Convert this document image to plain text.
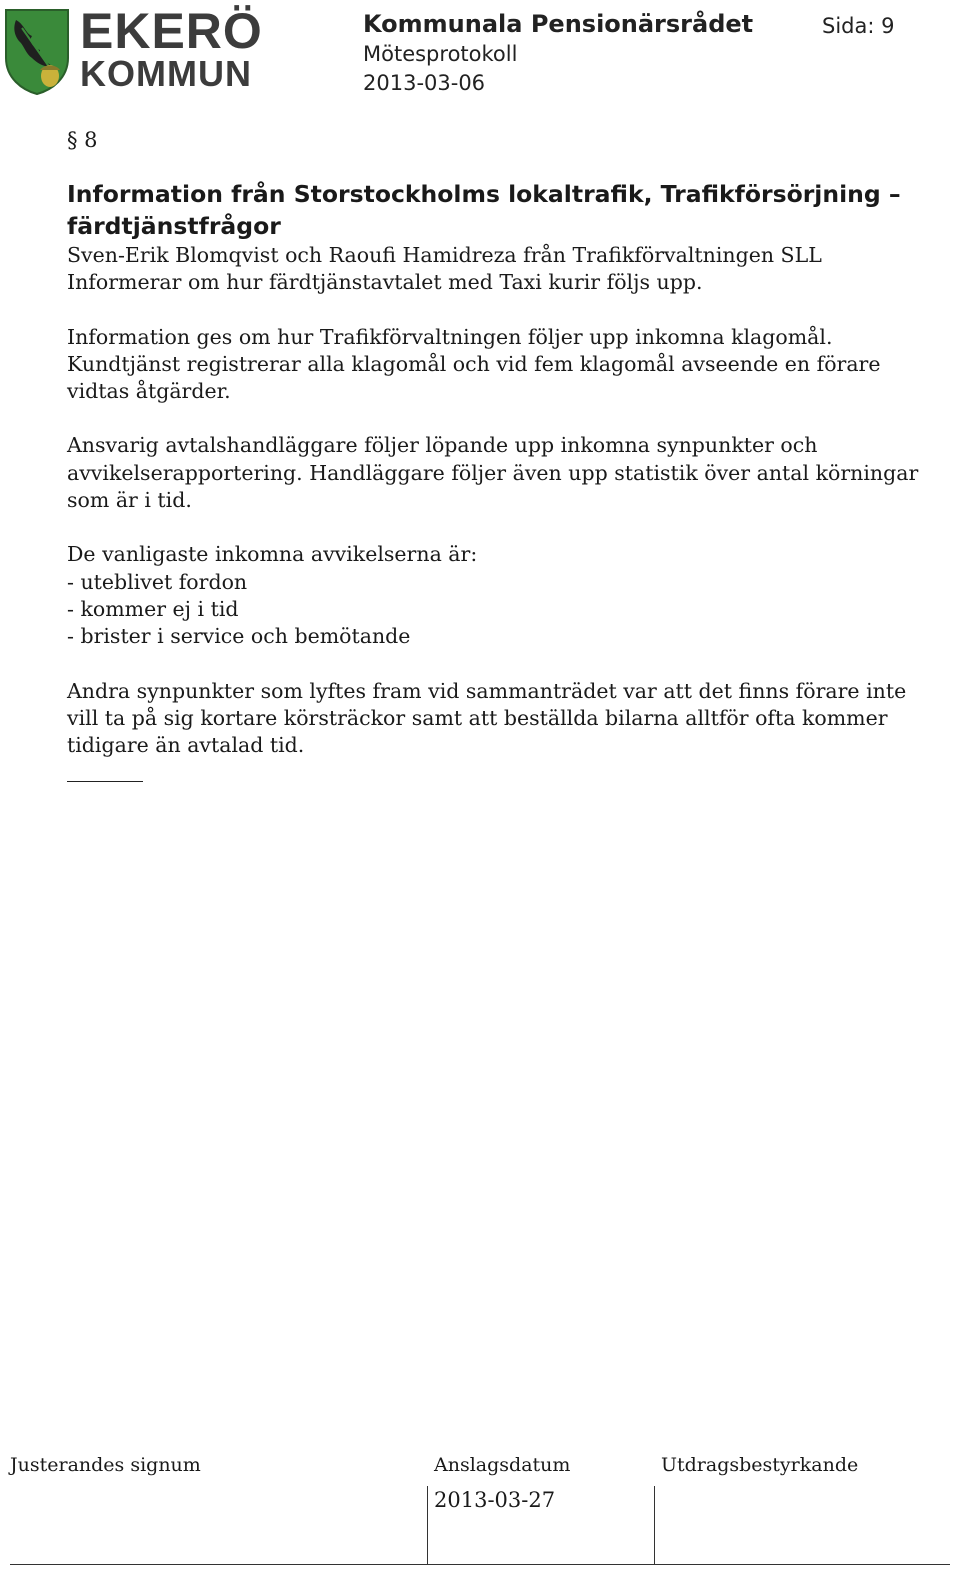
EKERÖ
KOMMUN
Kommunala Pensionärsrådet
Mötesprotokoll
2013-03-06
Sida: 9

§ 8

Information från Storstockholms lokaltrafik, Trafikförsörjning – färdtjänstfrågor

Sven-Erik Blomqvist och Raoufi Hamidreza från Trafikförvaltningen SLL

Informerar om hur färdtjänstavtalet med Taxi kurir följs upp.

Information ges om hur Trafikförvaltningen följer upp inkomna klagomål. Kundtjänst registrerar alla klagomål och vid fem klagomål avseende en förare vidtas åtgärder.

Ansvarig avtalshandläggare följer löpande upp inkomna synpunkter och avvikelserapportering. Handläggare följer även upp statistik över antal körningar som är i tid.

De vanligaste inkomna avvikelserna är:

- uteblivet fordon

- kommer ej i tid

- brister i service och bemötande

Andra synpunkter som lyftes fram vid sammanträdet var att det finns förare inte vill ta på sig kortare körsträckor samt att beställda bilarna alltför ofta kommer tidigare än avtalad tid.

Justerandes signum	Anslagsdatum	Utdragsbestyrkande
2013-03-27
